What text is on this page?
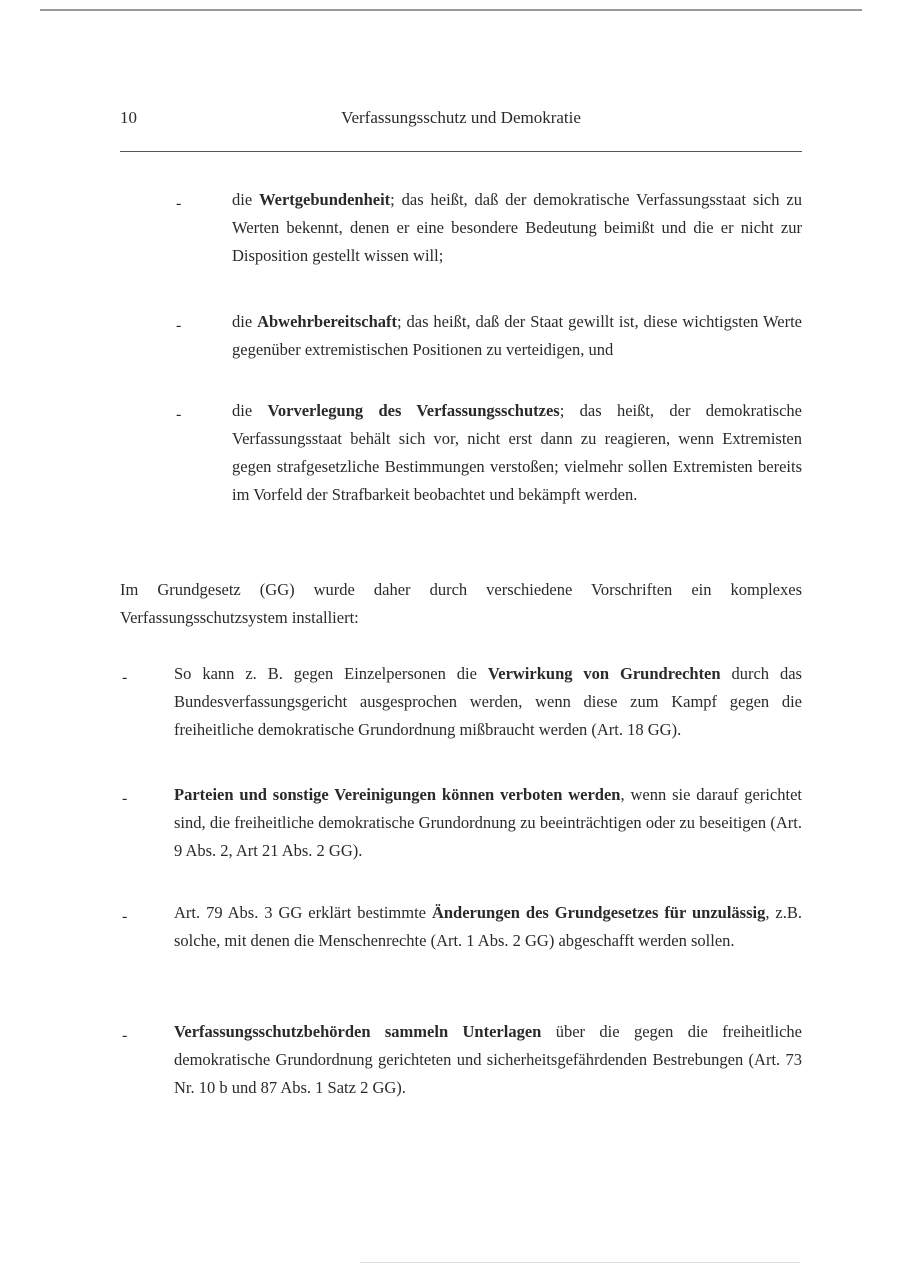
10	Verfassungsschutz und Demokratie
-	die Wertgebundenheit; das heißt, daß der demokratische Verfassungsstaat sich zu Werten bekennt, denen er eine besondere Bedeutung beimißt und die er nicht zur Disposition gestellt wissen will;
-	die Abwehrbereitschaft; das heißt, daß der Staat gewillt ist, diese wichtigsten Werte gegenüber extremistischen Positionen zu verteidigen, und
-	die Vorverlegung des Verfassungsschutzes; das heißt, der demokratische Verfassungsstaat behält sich vor, nicht erst dann zu reagieren, wenn Extremisten gegen strafgesetzliche Bestimmungen verstoßen; vielmehr sollen Extremisten bereits im Vorfeld der Strafbarkeit beobachtet und bekämpft werden.
Im Grundgesetz (GG) wurde daher durch verschiedene Vorschriften ein komplexes Verfassungsschutzsystem installiert:
-	So kann z. B. gegen Einzelpersonen die Verwirkung von Grundrechten durch das Bundesverfassungsgericht ausgesprochen werden, wenn diese zum Kampf gegen die freiheitliche demokratische Grundordnung mißbraucht werden (Art. 18 GG).
-	Parteien und sonstige Vereinigungen können verboten werden, wenn sie darauf gerichtet sind, die freiheitliche demokratische Grundordnung zu beeinträchtigen oder zu beseitigen (Art. 9 Abs. 2, Art 21 Abs. 2 GG).
-	Art. 79 Abs. 3 GG erklärt bestimmte Änderungen des Grundgesetzes für unzulässig, z.B. solche, mit denen die Menschenrechte (Art. 1 Abs. 2 GG) abgeschafft werden sollen.
-	Verfassungsschutzbehörden sammeln Unterlagen über die gegen die freiheitliche demokratische Grundordnung gerichteten und sicherheitsgefährdenden Bestrebungen (Art. 73 Nr. 10 b und 87 Abs. 1 Satz 2 GG).
